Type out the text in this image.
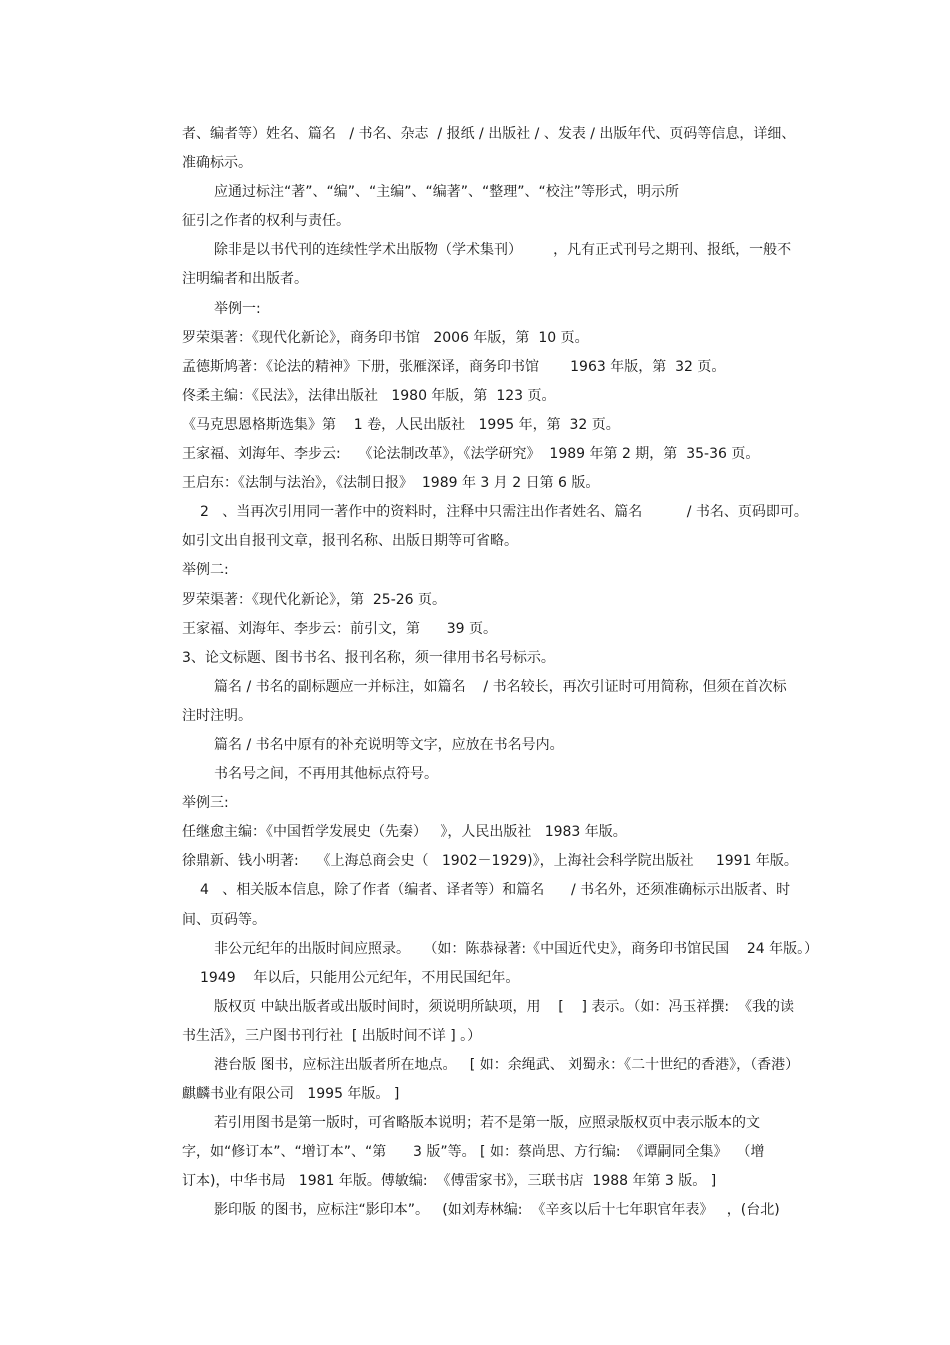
者、编者等）姓名、篇名   / 书名、杂志  / 报纸 / 出版社 / 、发表 / 出版年代、页码等信息，详细、
准确标示。
应通过标注“著”、“编”、“主编”、“编著”、“整理”、“校注”等形式，明示所
征引之作者的权利与责任。
除非是以书代刊的连续性学术出版物（学术集刊）       ，凡有正式刊号之期刊、报纸，一般不
注明编者和出版者。
举例一:
罗荣渠著：《现代化新论》，商务印书馆   2006 年版，第  10 页。
孟德斯鸠著：《论法的精神》下册，张雁深译，商务印书馆       1963 年版，第  32 页。
佟柔主编：《民法》，法律出版社   1980 年版，第  123 页。
《马克思恩格斯选集》第    1 卷，人民出版社   1995 年，第  32 页。
王家福、刘海年、李步云:    《论法制改革》，《法学研究》  1989 年第 2 期，第  35-36 页。
王启东：《法制与法治》，《法制日报》  1989 年 3 月 2 日第 6 版。
2   、当再次引用同一著作中的资料时，注释中只需注出作者姓名、篇名          / 书名、页码即可。
如引文出自报刊文章，报刊名称、出版日期等可省略。
举例二:
罗荣渠著：《现代化新论》，第  25-26 页。
王家福、刘海年、李步云：前引文，第      39 页。
3、论文标题、图书书名、报刊名称，须一律用书名号标示。
篇名 / 书名的副标题应一并标注，如篇名    / 书名较长，再次引证时可用简称，但须在首次标
注时注明。
篇名 / 书名中原有的补充说明等文字，应放在书名号内。
书名号之间，不再用其他标点符号。
举例三:
任继愈主编：《中国哲学发展史（先秦）   》，人民出版社   1983 年版。
徐鼎新、钱小明著:    《上海总商会史（   1902－1929)》，上海社会科学院出版社     1991 年版。
4   、相关版本信息，除了作者（编者、译者等）和篇名      / 书名外，还须准确标示出版者、时
间、页码等。
非公元纪年的出版时间应照录。   （如：陈恭禄著:《中国近代史》，商务印书馆民国    24 年版。）
1949    年以后，只能用公元纪年，不用民国纪年。
版权页 中缺出版者或出版时间时，须说明所缺项，用    [    ] 表示。（如：冯玉祥撰:  《我的读
书生活》，三户图书刊行社  [ 出版时间不详 ] 。）
港台版 图书，应标注出版者所在地点。   [ 如：余绳武、 刘蜀永：《二十世纪的香港》，（香港）
麒麟书业有限公司   1995 年版。 ]
若引用图书是第一版时，可省略版本说明；若不是第一版，应照录版权页中表示版本的文
字，如“修订本”、“增订本”、“第      3 版”等。 [ 如：蔡尚思、方行编:  《谭嗣同全集》  （增
订本)，中华书局   1981 年版。傅敏编:  《傅雷家书》，三联书店  1988 年第 3 版。 ]
影印版 的图书，应标注“影印本”。   (如刘寿林编:  《辛亥以后十七年职官年表》   ，(台北)
